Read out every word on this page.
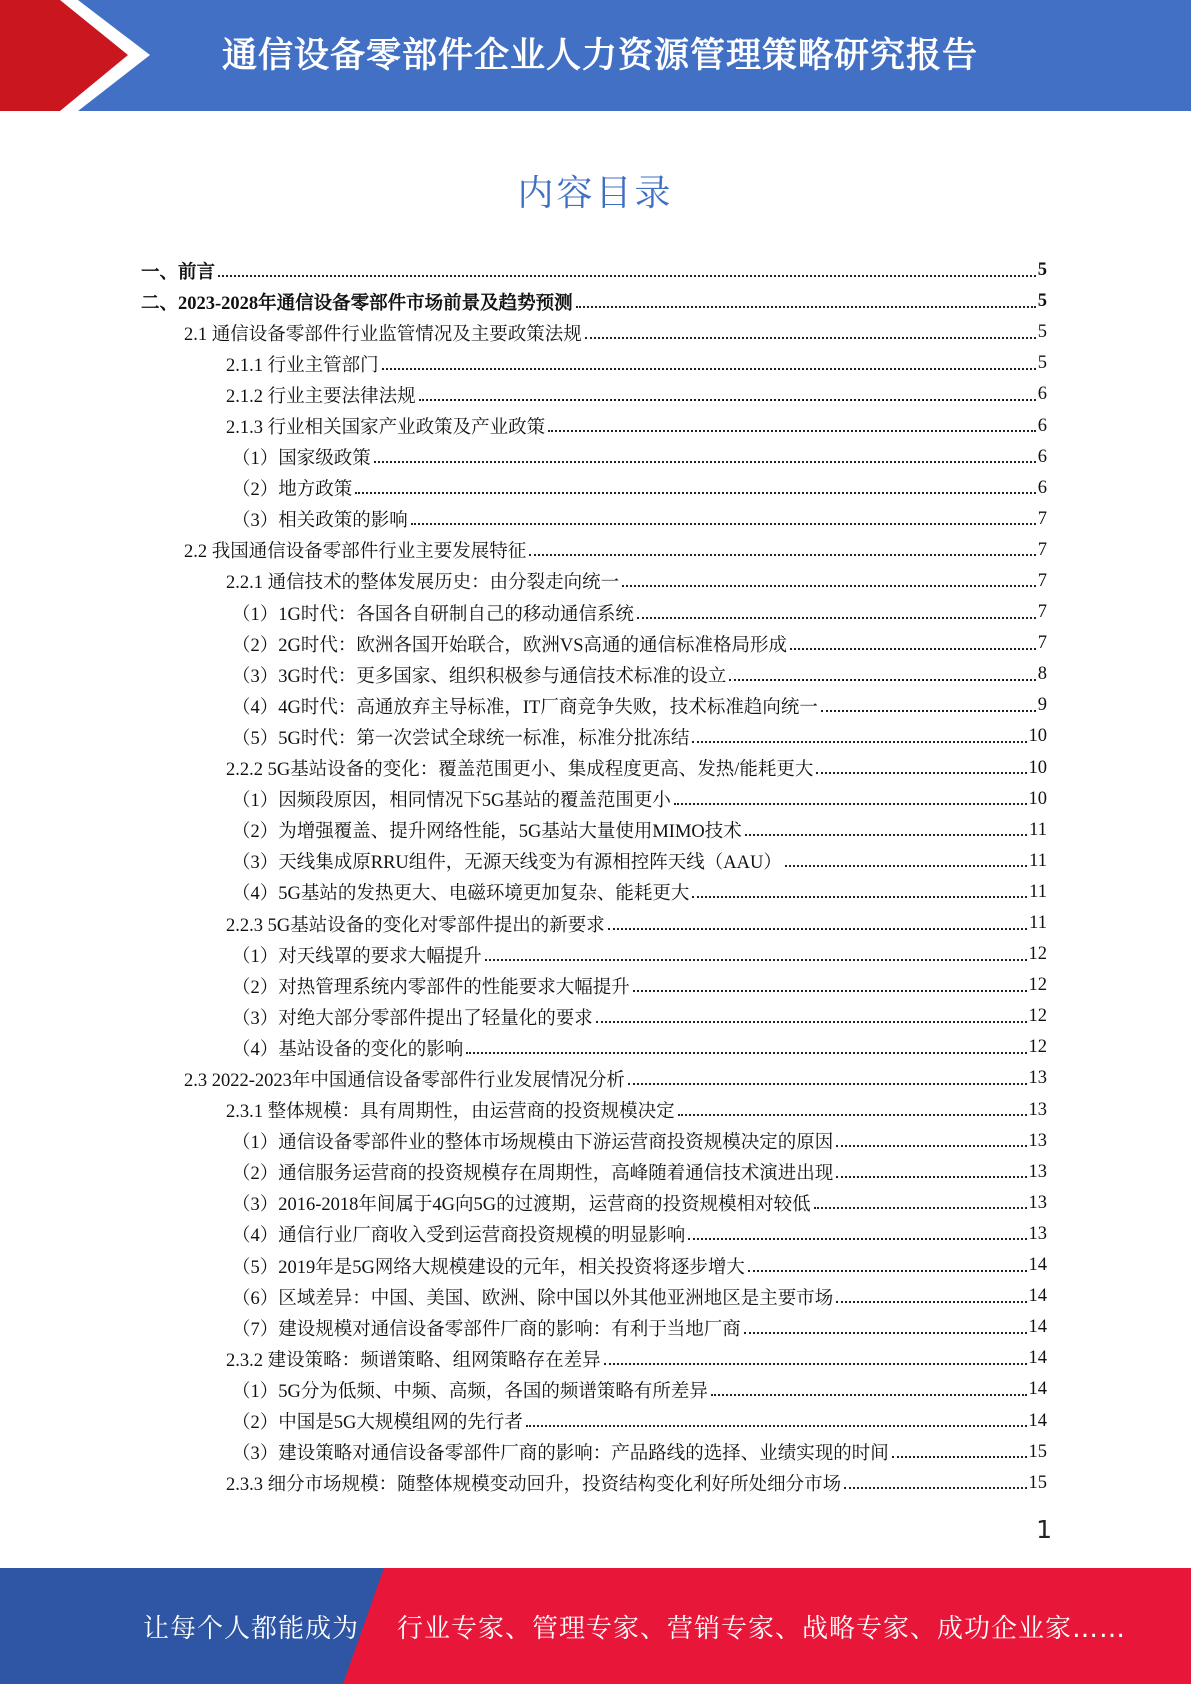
通信设备零部件企业人力资源管理策略研究报告
内容目录
一、前言	5
二、2023-2028年通信设备零部件市场前景及趋势预测	5
2.1 通信设备零部件行业监管情况及主要政策法规	5
2.1.1 行业主管部门	5
2.1.2 行业主要法律法规	6
2.1.3 行业相关国家产业政策及产业政策	6
（1）国家级政策	6
（2）地方政策	6
（3）相关政策的影响	7
2.2 我国通信设备零部件行业主要发展特征	7
2.2.1 通信技术的整体发展历史：由分裂走向统一	7
（1）1G时代：各国各自研制自己的移动通信系统	7
（2）2G时代：欧洲各国开始联合，欧洲VS高通的通信标准格局形成	7
（3）3G时代：更多国家、组织积极参与通信技术标准的设立	8
（4）4G时代：高通放弃主导标准，IT厂商竞争失败，技术标准趋向统一	9
（5）5G时代：第一次尝试全球统一标准，标准分批冻结	10
2.2.2 5G基站设备的变化：覆盖范围更小、集成程度更高、发热/能耗更大	10
（1）因频段原因，相同情况下5G基站的覆盖范围更小	10
（2）为增强覆盖、提升网络性能，5G基站大量使用MIMO技术	11
（3）天线集成原RRU组件，无源天线变为有源相控阵天线（AAU）	11
（4）5G基站的发热更大、电磁环境更加复杂、能耗更大	11
2.2.3 5G基站设备的变化对零部件提出的新要求	11
（1）对天线罩的要求大幅提升	12
（2）对热管理系统内零部件的性能要求大幅提升	12
（3）对绝大部分零部件提出了轻量化的要求	12
（4）基站设备的变化的影响	12
2.3 2022-2023年中国通信设备零部件行业发展情况分析	13
2.3.1 整体规模：具有周期性，由运营商的投资规模决定	13
（1）通信设备零部件业的整体市场规模由下游运营商投资规模决定的原因	13
（2）通信服务运营商的投资规模存在周期性，高峰随着通信技术演进出现	13
（3）2016-2018年间属于4G向5G的过渡期，运营商的投资规模相对较低	13
（4）通信行业厂商收入受到运营商投资规模的明显影响	13
（5）2019年是5G网络大规模建设的元年，相关投资将逐步增大	14
（6）区域差异：中国、美国、欧洲、除中国以外其他亚洲地区是主要市场	14
（7）建设规模对通信设备零部件厂商的影响：有利于当地厂商	14
2.3.2 建设策略：频谱策略、组网策略存在差异	14
（1）5G分为低频、中频、高频，各国的频谱策略有所差异	14
（2）中国是5G大规模组网的先行者	14
（3）建设策略对通信设备零部件厂商的影响：产品路线的选择、业绩实现的时间	15
2.3.3 细分市场规模：随整体规模变动回升，投资结构变化利好所处细分市场	15
1
让每个人都能成为 行业专家、管理专家、营销专家、战略专家、成功企业家……
